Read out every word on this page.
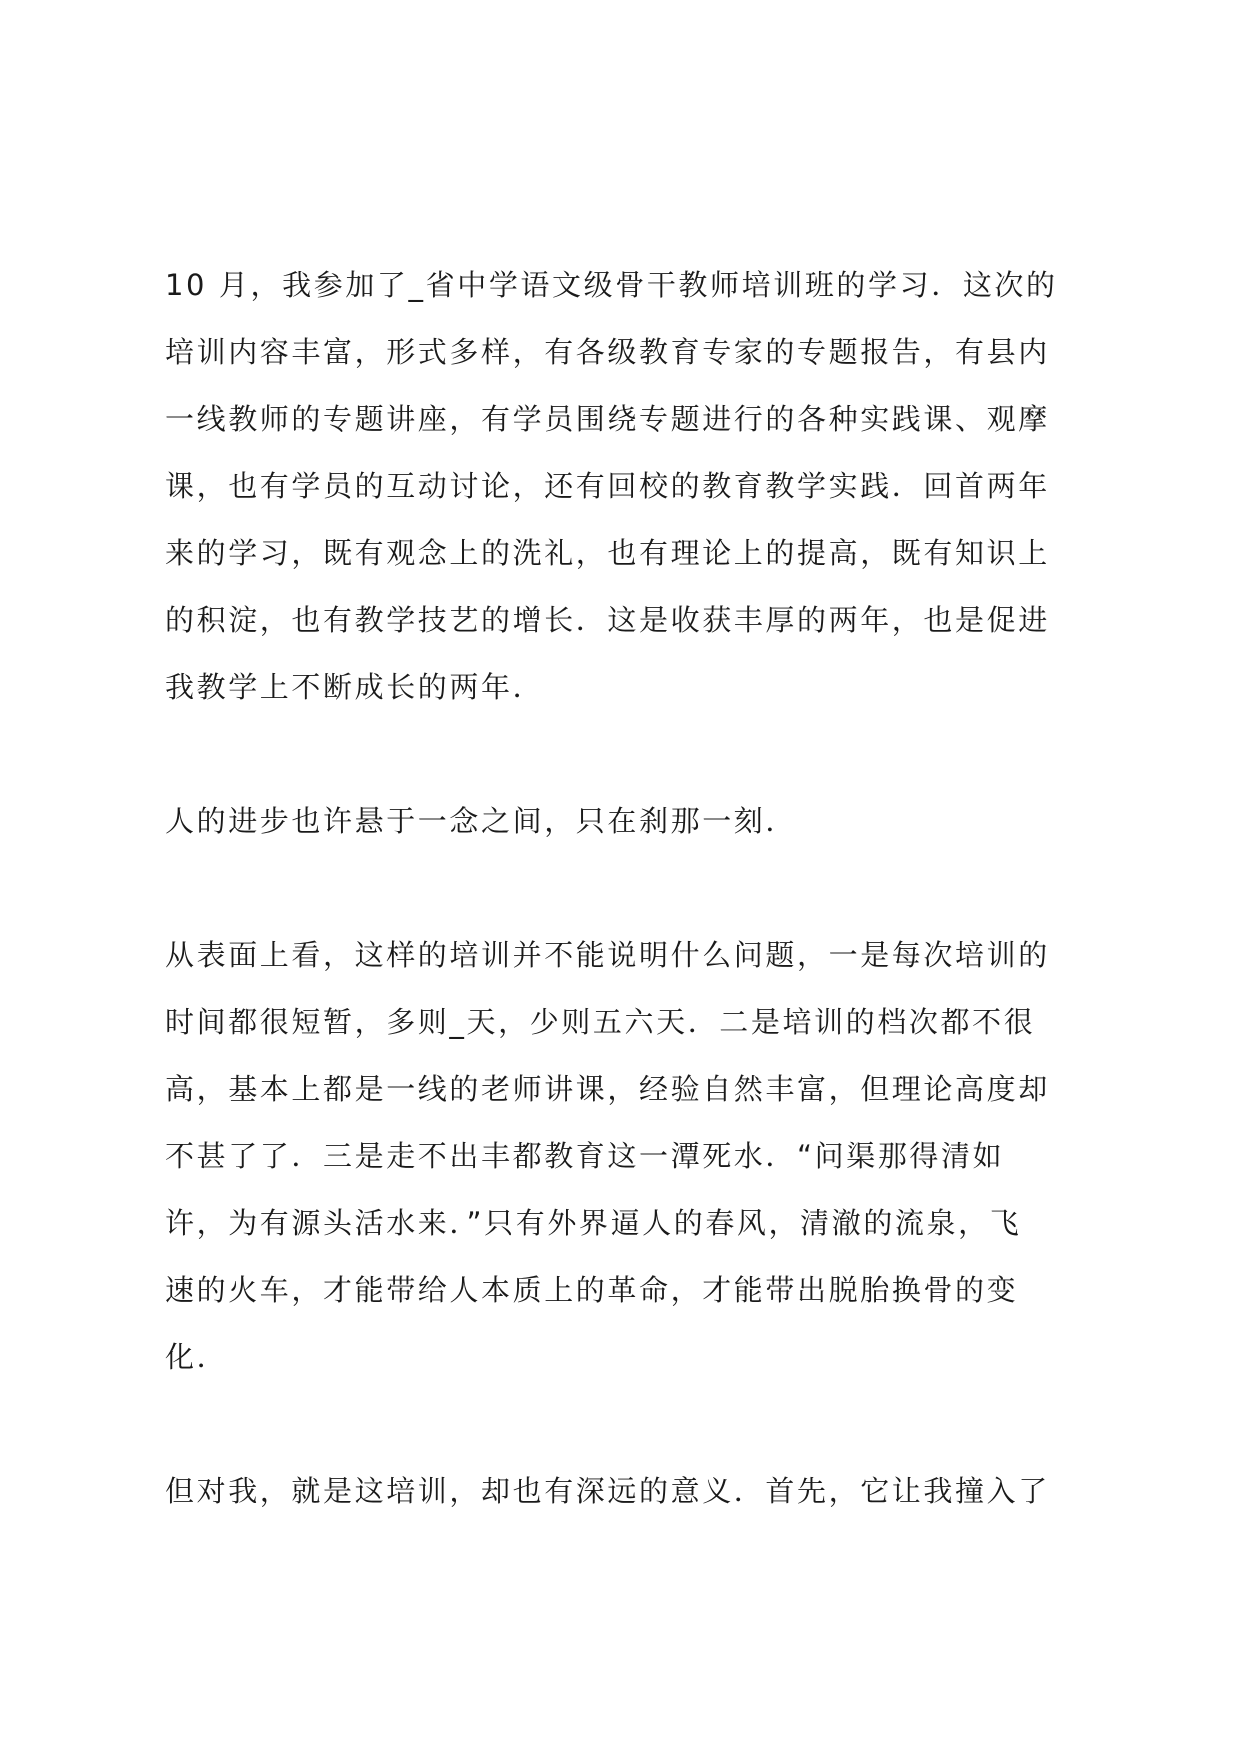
10 月，我参加了_省中学语文级骨干教师培训班的学习．这次的
培训内容丰富，形式多样，有各级教育专家的专题报告，有县内
一线教师的专题讲座，有学员围绕专题进行的各种实践课、观摩
课，也有学员的互动讨论，还有回校的教育教学实践．回首两年
来的学习，既有观念上的洗礼，也有理论上的提高，既有知识上
的积淀，也有教学技艺的增长．这是收获丰厚的两年，也是促进
我教学上不断成长的两年．
人的进步也许悬于一念之间，只在刹那一刻．
从表面上看，这样的培训并不能说明什么问题，一是每次培训的
时间都很短暂，多则_天，少则五六天．二是培训的档次都不很
高，基本上都是一线的老师讲课，经验自然丰富，但理论高度却
不甚了了．三是走不出丰都教育这一潭死水．“问渠那得清如
许，为有源头活水来．”只有外界逼人的春风，清澈的流泉，飞
速的火车，才能带给人本质上的革命，才能带出脱胎换骨的变
化．
但对我，就是这培训，却也有深远的意义．首先，它让我撞入了
